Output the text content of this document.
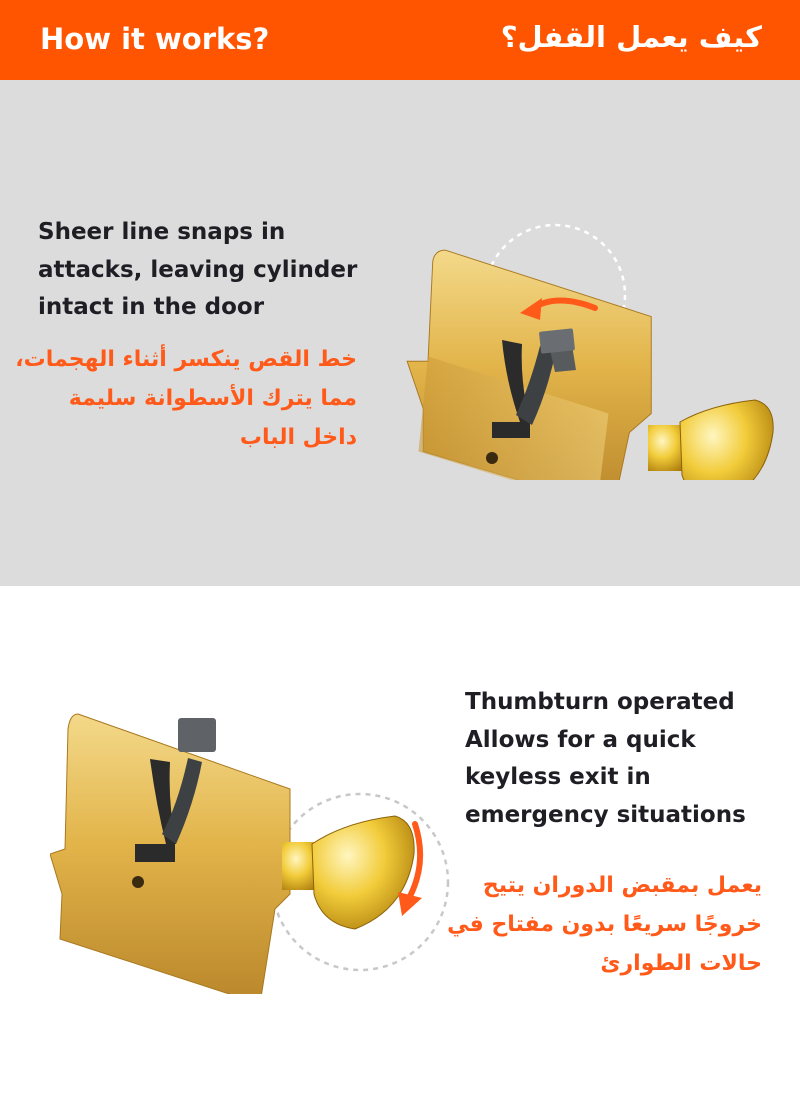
How it works?	كيف يعمل القفل؟
Sheer line snaps in
attacks, leaving cylinder
intact in the door
خط القص ينكسر أثناء الهجمات،
مما يترك الأسطوانة سليمة
داخل الباب
Thumbturn operated
Allows for a quick
keyless exit in
emergency situations
يعمل بمقبض الدوران يتيح
خروجًا سريعًا بدون مفتاح في
حالات الطوارئ
